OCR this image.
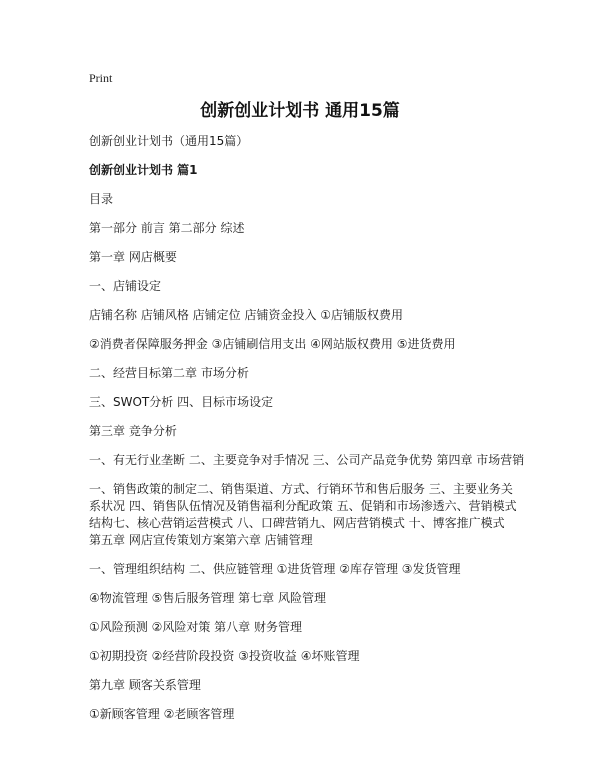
Print
创新创业计划书 通用15篇

创新创业计划书（通用15篇）

创新创业计划书 篇1

目录

第一部分 前言 第二部分 综述

第一章 网店概要

一、店铺设定

店铺名称 店铺风格 店铺定位 店铺资金投入 ①店铺版权费用

②消费者保障服务押金 ③店铺刷信用支出 ④网站版权费用 ⑤进货费用

二、经营目标第二章 市场分析

三、SWOT分析 四、目标市场设定

第三章 竞争分析

一、有无行业垄断 二、主要竞争对手情况 三、公司产品竞争优势 第四章 市场营销

一、销售政策的制定二、销售渠道、方式、行销环节和售后服务 三、主要业务关系状况 四、销售队伍情况及销售福利分配政策 五、促销和市场渗透六、营销模式结构七、核心营销运营模式 八、口碑营销九、网店营销模式 十、博客推广模式 第五章 网店宣传策划方案第六章 店铺管理

一、管理组织结构 二、供应链管理 ①进货管理 ②库存管理 ③发货管理

④物流管理 ⑤售后服务管理 第七章 风险管理

①风险预测 ②风险对策 第八章 财务管理

①初期投资 ②经营阶段投资 ③投资收益 ④坏账管理

第九章 顾客关系管理

①新顾客管理 ②老顾客管理
